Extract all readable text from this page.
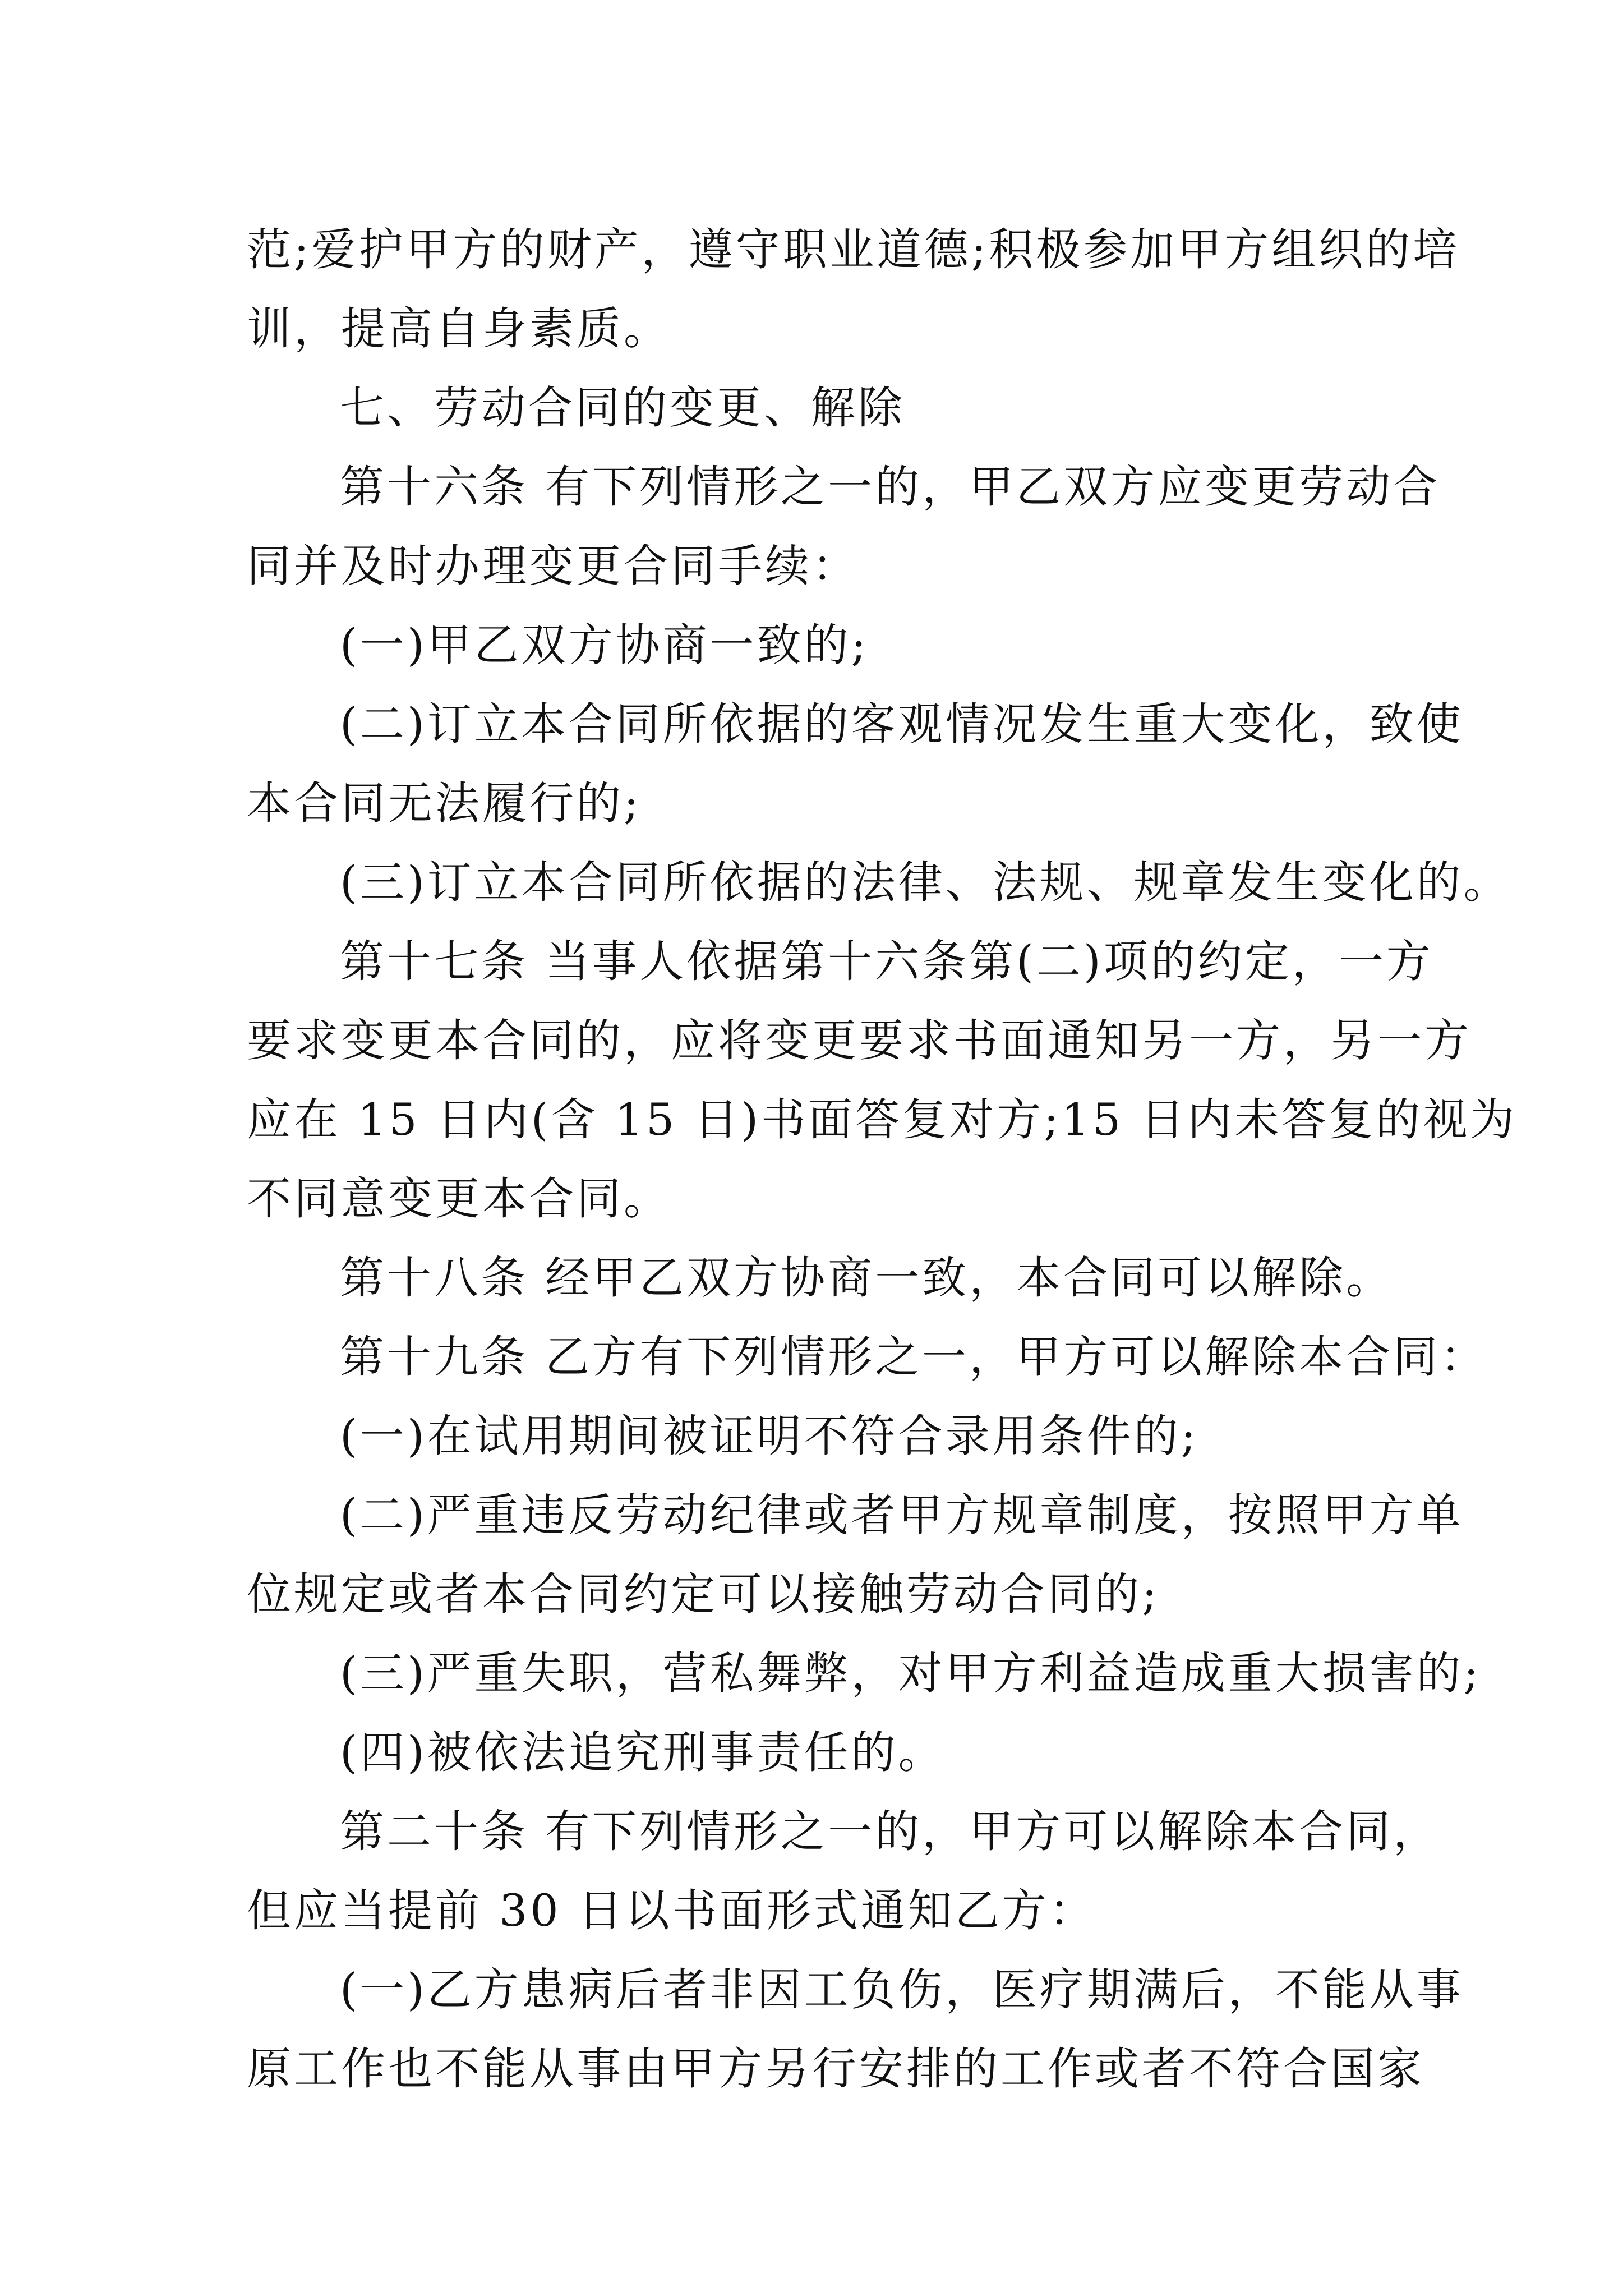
范;爱护甲方的财产，遵守职业道德;积极参加甲方组织的培
训，提高自身素质。
七、劳动合同的变更、解除
第十六条 有下列情形之一的，甲乙双方应变更劳动合
同并及时办理变更合同手续：
(一)甲乙双方协商一致的;
(二)订立本合同所依据的客观情况发生重大变化，致使
本合同无法履行的;
(三)订立本合同所依据的法律、法规、规章发生变化的。
第十七条 当事人依据第十六条第(二)项的约定，一方
要求变更本合同的，应将变更要求书面通知另一方，另一方
应在 15 日内(含 15 日)书面答复对方;15 日内未答复的视为
不同意变更本合同。
第十八条 经甲乙双方协商一致，本合同可以解除。
第十九条 乙方有下列情形之一，甲方可以解除本合同：
(一)在试用期间被证明不符合录用条件的;
(二)严重违反劳动纪律或者甲方规章制度，按照甲方单
位规定或者本合同约定可以接触劳动合同的;
(三)严重失职，营私舞弊，对甲方利益造成重大损害的;
(四)被依法追究刑事责任的。
第二十条 有下列情形之一的，甲方可以解除本合同，
但应当提前 30 日以书面形式通知乙方：
(一)乙方患病后者非因工负伤，医疗期满后，不能从事
原工作也不能从事由甲方另行安排的工作或者不符合国家
